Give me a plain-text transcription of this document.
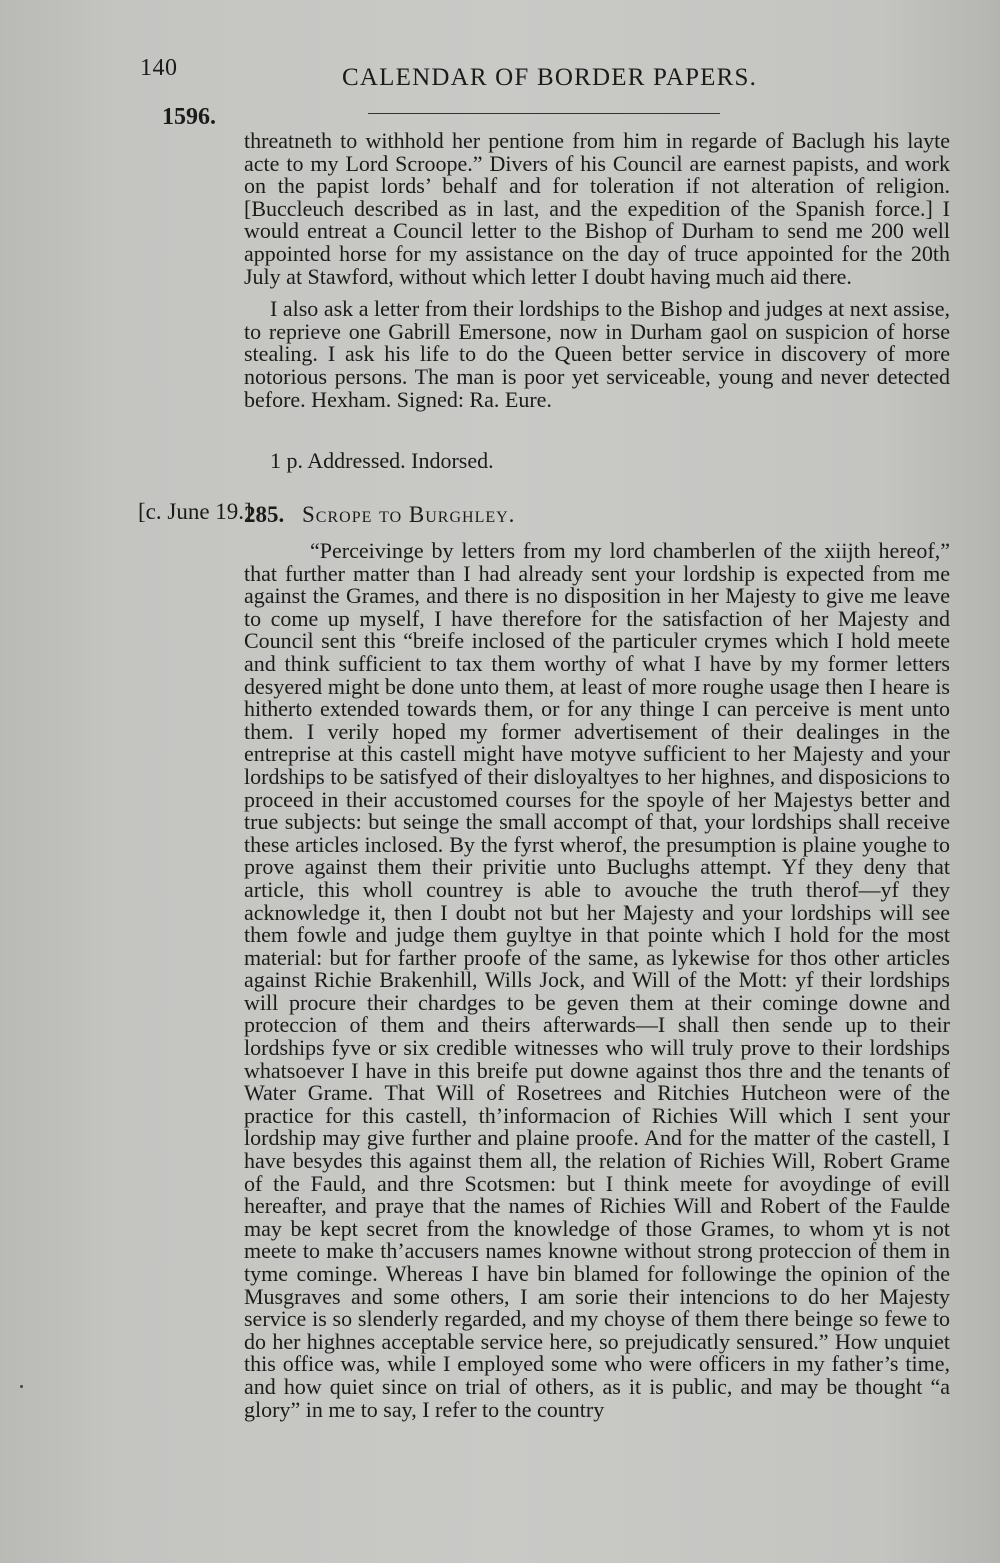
140	CALENDAR OF BORDER PAPERS.
1596.

threatneth to withhold her pentione from him in regarde of Baclugh his layte acte to my Lord Scroope.” Divers of his Council are earnest papists, and work on the papist lords’ behalf and for toleration if not alteration of religion. [Buccleuch described as in last, and the expedition of the Spanish force.] I would entreat a Council letter to the Bishop of Durham to send me 200 well appointed horse for my assistance on the day of truce appointed for the 20th July at Stawford, without which letter I doubt having much aid there.

I also ask a letter from their lordships to the Bishop and judges at next assise, to reprieve one Gabrill Emersone, now in Durham gaol on suspicion of horse stealing. I ask his life to do the Queen better service in discovery of more notorious persons. The man is poor yet serviceable, young and never detected before. Hexham. Signed: Ra. Eure.

1 p. Addressed. Indorsed.
[c. June 19.]
285. Scrope to Burghley.

“Perceivinge by letters from my lord chamberlen of the xiijth hereof,” that further matter than I had already sent your lordship is expected from me against the Grames, and there is no disposition in her Majesty to give me leave to come up myself, I have therefore for the satisfaction of her Majesty and Council sent this “breife inclosed of the particuler crymes which I hold meete and think sufficient to tax them worthy of what I have by my former letters desyered might be done unto them, at least of more roughe usage then I heare is hitherto extended towards them, or for any thinge I can perceive is ment unto them. I verily hoped my former advertisement of their dealinges in the entreprise at this castell might have motyve sufficient to her Majesty and your lordships to be satisfyed of their disloyaltyes to her highnes, and disposicions to proceed in their accustomed courses for the spoyle of her Majestys better and true subjects: but seinge the small accompt of that, your lordships shall receive these articles inclosed. By the fyrst wherof, the presumption is plaine youghe to prove against them their privitie unto Buclughs attempt. Yf they deny that article, this wholl countrey is able to avouche the truth therof—yf they acknowledge it, then I doubt not but her Majesty and your lordships will see them fowle and judge them guyltye in that pointe which I hold for the most material: but for farther proofe of the same, as lykewise for thos other articles against Richie Brakenhill, Wills Jock, and Will of the Mott: yf their lordships will procure their chardges to be geven them at their cominge downe and proteccion of them and theirs afterwards—I shall then sende up to their lordships fyve or six credible witnesses who will truly prove to their lordships whatsoever I have in this breife put downe against thos thre and the tenants of Water Grame. That Will of Rosetrees and Ritchies Hutcheon were of the practice for this castell, th’informacion of Richies Will which I sent your lordship may give further and plaine proofe. And for the matter of the castell, I have besydes this against them all, the relation of Richies Will, Robert Grame of the Fauld, and thre Scotsmen: but I think meete for avoydinge of evill hereafter, and praye that the names of Richies Will and Robert of the Faulde may be kept secret from the knowledge of those Grames, to whom yt is not meete to make th’accusers names knowne without strong proteccion of them in tyme cominge. Whereas I have bin blamed for followinge the opinion of the Musgraves and some others, I am sorie their intencions to do her Majesty service is so slenderly regarded, and my choyse of them there beinge so fewe to do her highnes acceptable service here, so prejudicatly sensured.” How unquiet this office was, while I employed some who were officers in my father’s time, and how quiet since on trial of others, as it is public, and may be thought “a glory” in me to say, I refer to the country
